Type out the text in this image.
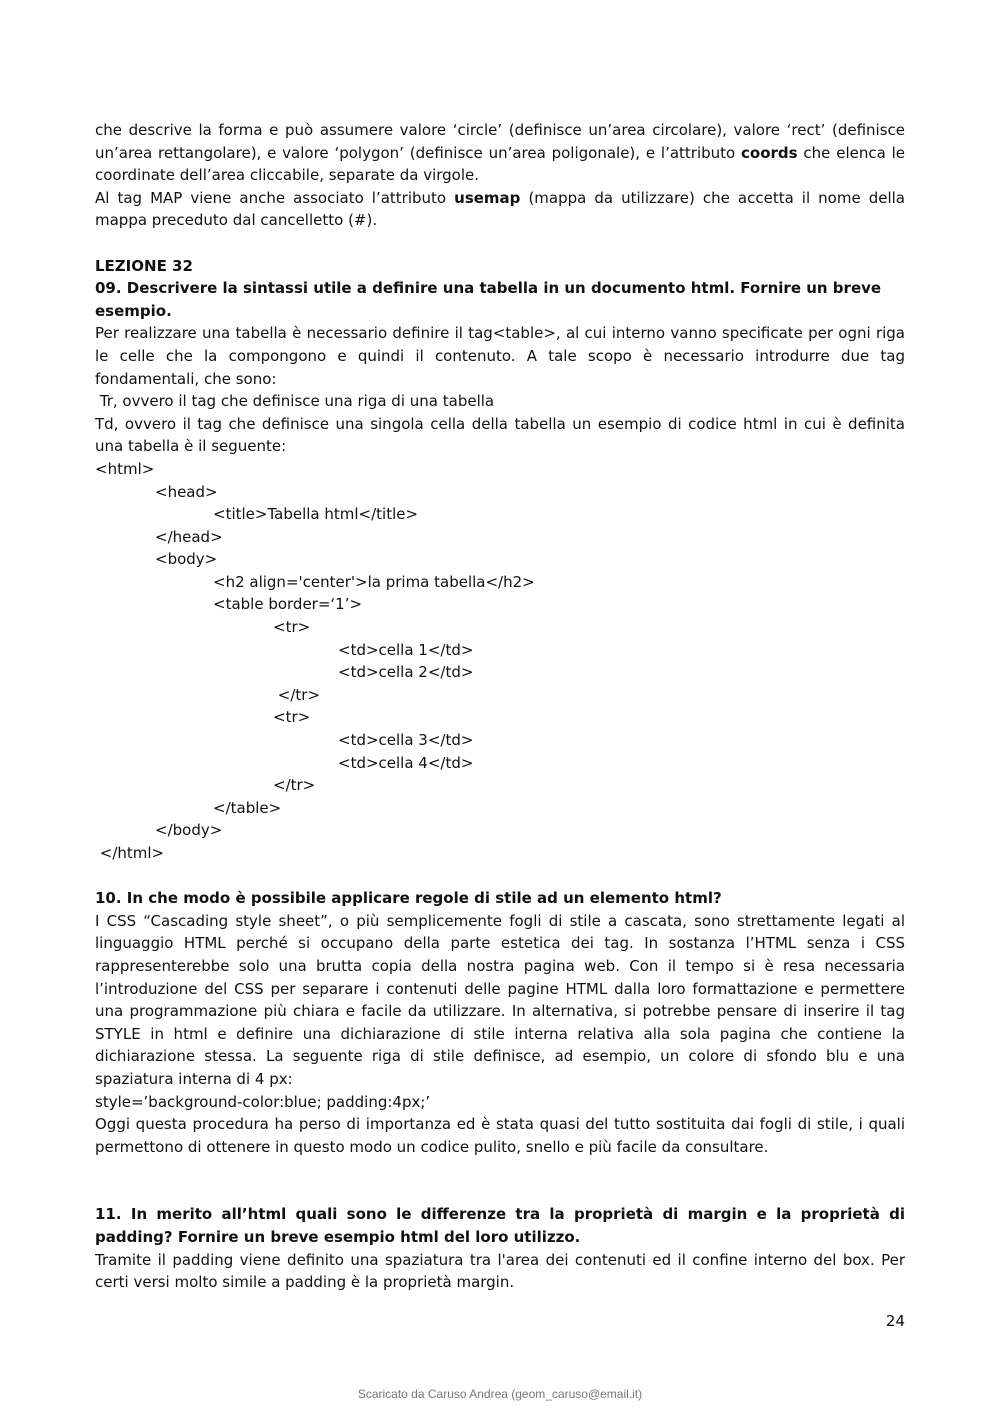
che descrive la forma e può assumere valore ‘circle’ (definisce un’area circolare), valore ‘rect’ (definisce un’area rettangolare), e valore ‘polygon’ (definisce un’area poligonale), e l’attributo coords che elenca le coordinate dell’area cliccabile, separate da virgole.

Al tag MAP viene anche associato l’attributo usemap (mappa da utilizzare) che accetta il nome della mappa preceduto dal cancelletto (#).

LEZIONE 32

09. Descrivere la sintassi utile a definire una tabella in un documento html. Fornire un breve esempio.

Per realizzare una tabella è necessario definire il tag<table>, al cui interno vanno specificate per ogni riga le celle che la compongono e quindi il contenuto. A tale scopo è necessario introdurre due tag fondamentali, che sono:

Tr, ovvero il tag che definisce una riga di una tabella

Td, ovvero il tag che definisce una singola cella della tabella un esempio di codice html in cui è definita una tabella è il seguente:

<html>

<head>

<title>Tabella html</title>

</head>

<body>

<h2 align='center'>la prima tabella</h2>

<table border=‘1’>

<tr>

<td>cella 1</td>

<td>cella 2</td>

</tr>

<tr>

<td>cella 3</td>

<td>cella 4</td>

</tr>

</table>

</body>

</html>

10. In che modo è possibile applicare regole di stile ad un elemento html?

I CSS “Cascading style sheet”, o più semplicemente fogli di stile a cascata, sono strettamente legati al linguaggio HTML perché si occupano della parte estetica dei tag. In sostanza l’HTML senza i CSS rappresenterebbe solo una brutta copia della nostra pagina web. Con il tempo si è resa necessaria l’introduzione del CSS per separare i contenuti delle pagine HTML dalla loro formattazione e permettere una programmazione più chiara e facile da utilizzare. In alternativa, si potrebbe pensare di inserire il tag STYLE in html e definire una dichiarazione di stile interna relativa alla sola pagina che contiene la dichiarazione stessa. La seguente riga di stile definisce, ad esempio, un colore di sfondo blu e una spaziatura interna di 4 px:

style=’background-color:blue; padding:4px;’

Oggi questa procedura ha perso di importanza ed è stata quasi del tutto sostituita dai fogli di stile, i quali permettono di ottenere in questo modo un codice pulito, snello e più facile da consultare.

11. In merito all’html quali sono le differenze tra la proprietà di margin e la proprietà di padding? Fornire un breve esempio html del loro utilizzo.

Tramite il padding viene definito una spaziatura tra l'area dei contenuti ed il confine interno del box. Per certi versi molto simile a padding è la proprietà margin.

24
Scaricato da Caruso Andrea (geom_caruso@email.it)
